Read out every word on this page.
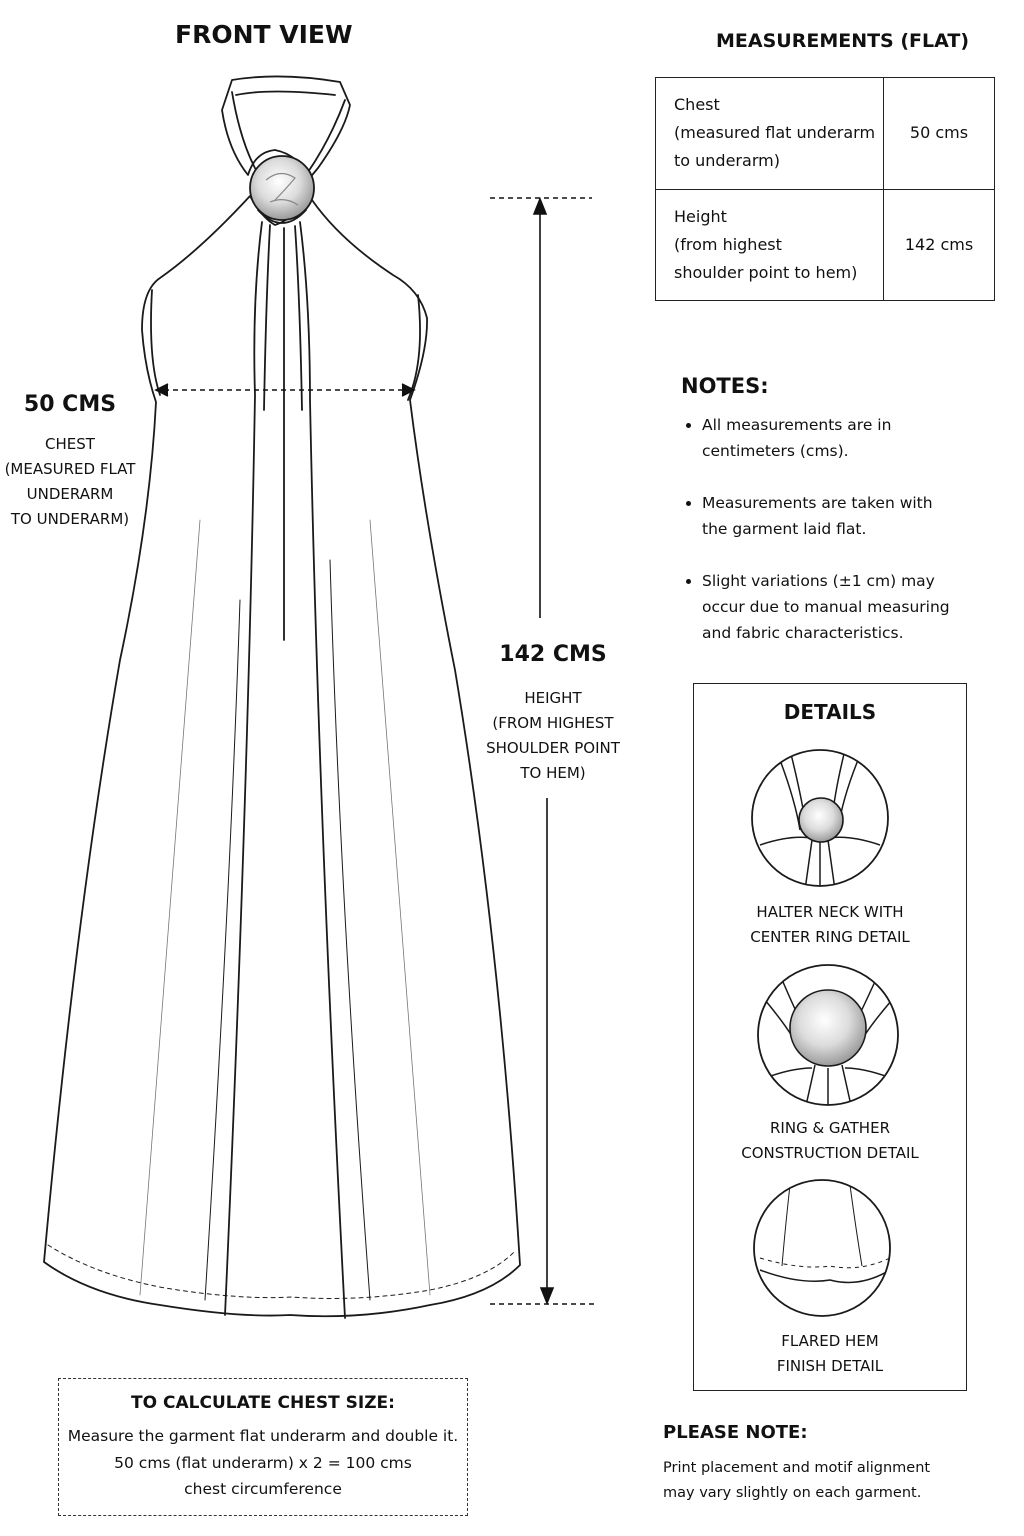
FRONT VIEW	MEASUREMENTS (FLAT)
Chest
(measured flat underarm
to underarm)	50 cms

Height
(from highest
shoulder point to hem)	142 cms
50 CMS
CHEST
(MEASURED FLAT
UNDERARM
TO UNDERARM)
142 CMS
HEIGHT
(FROM HIGHEST
SHOULDER POINT
TO HEM)
NOTES:
• All measurements are in
centimeters (cms).
• Measurements are taken with
the garment laid flat.
• Slight variations (±1 cm) may
occur due to manual measuring
and fabric characteristics.
DETAILS
HALTER NECK WITH
CENTER RING DETAIL
RING & GATHER
CONSTRUCTION DETAIL
FLARED HEM
FINISH DETAIL
TO CALCULATE CHEST SIZE:
Measure the garment flat underarm and double it.
50 cms (flat underarm) x 2 = 100 cms
chest circumference
PLEASE NOTE:
Print placement and motif alignment
may vary slightly on each garment.
